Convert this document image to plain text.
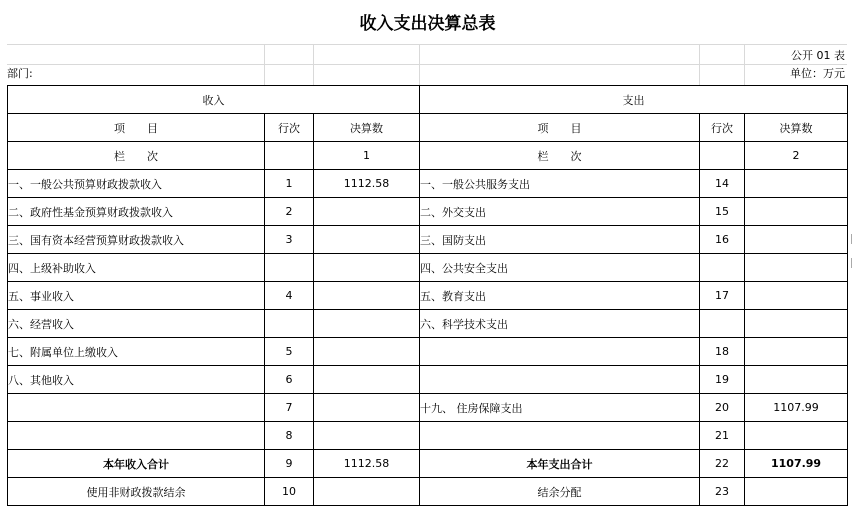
收入支出决算总表
公开 01 表
部门:	单位：万元
收入			支出		
项　　目	行次	决算数	项　　目	行次	决算数
栏　　次		1	栏　　次		2
一、一般公共预算财政拨款收入	1	1112.58	一、一般公共服务支出	14	
二、政府性基金预算财政拨款收入	2		二、外交支出	15	
三、国有资本经营预算财政拨款收入	3		三、国防支出	16	
四、上级补助收入			四、公共安全支出		
五、事业收入	4		五、教育支出	17	
六、经营收入			六、科学技术支出		
七、附属单位上缴收入	5			18	
八、其他收入	6			19	
	7		十九、 住房保障支出	20	1107.99
	8			21	
本年收入合计	9	1112.58	本年支出合计	22	1107.99
使用非财政拨款结余	10		结余分配	23	
